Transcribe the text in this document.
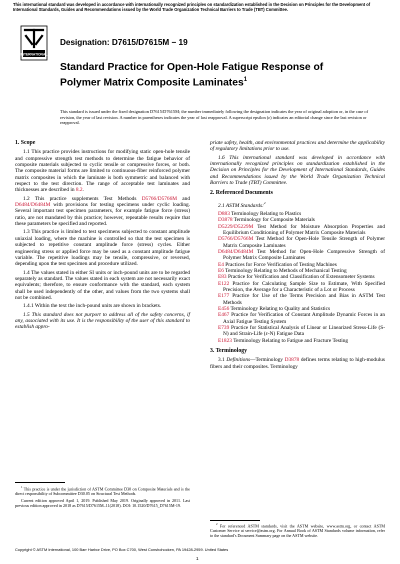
This international standard was developed in accordance with internationally recognized principles on standardization established in the Decision on Principles for the Development of International Standards, Guides and Recommendations issued by the World Trade Organization Technical Barriers to Trade (TBT) Committee.
INTERNATIONAL
Designation: D7615/D7615M − 19
Standard Practice for Open-Hole Fatigue Response of Polymer Matrix Composite Laminates$^1$
This standard is issued under the fixed designation D7615/D7615M; the number immediately following the designation indicates the year of original adoption or, in the case of revision, the year of last revision. A number in parentheses indicates the year of last reapproval. A superscript epsilon (ε) indicates an editorial change since the last revision or reapproval.
1. Scope

1.1 This practice provides instructions for modifying static open-hole tensile and compressive strength test methods to determine the fatigue behavior of composite materials subjected to cyclic tensile or compressive forces, or both. The composite material forms are limited to continuous-fiber reinforced polymer matrix composites in which the laminate is both symmetric and balanced with respect to the test direction. The range of acceptable test laminates and thicknesses are described in 8.2.

1.2 This practice supplements Test Methods D5766/D5766M and D6484/D6484M with provisions for testing specimens under cyclic loading. Several important test specimen parameters, for example fatigue force (stress) ratio, are not mandated by this practice; however, repeatable results require that these parameters be specified and reported.

1.3 This practice is limited to test specimens subjected to constant amplitude uniaxial loading, where the machine is controlled so that the test specimen is subjected to repetitive constant amplitude force (stress) cycles. Either engineering stress or applied force may be used as a constant amplitude fatigue variable. The repetitive loadings may be tensile, compressive, or reversed, depending upon the test specimen and procedure utilized.

1.4 The values stated in either SI units or inch-pound units are to be regarded separately as standard. The values stated in each system are not necessarily exact equivalents; therefore, to ensure conformance with the standard, each system shall be used independently of the other, and values from the two systems shall not be combined.

1.4.1 Within the text the inch-pound units are shown in brackets.

1.5 This standard does not purport to address all of the safety concerns, if any, associated with its use. It is the responsibility of the user of this standard to establish appro-

priate safety, health, and environmental practices and determine the applicability of regulatory limitations prior to use.

1.6 This international standard was developed in accordance with internationally recognized principles on standardization established in the Decision on Principles for the Development of International Standards, Guides and Recommendations issued by the World Trade Organization Technical Barriers to Trade (TBT) Committee.

2. Referenced Documents
2.1 ASTM Standards:$^2$
D883 Terminology Relating to Plastics
D3878 Terminology for Composite Materials
D5229/D5229M Test Method for Moisture Absorption Properties and Equilibrium Conditioning of Polymer Matrix Composite Materials
D5766/D5766M Test Method for Open-Hole Tensile Strength of Polymer Matrix Composite Laminates
D6484/D6484M Test Method for Open-Hole Compressive Strength of Polymer Matrix Composite Laminates
E4 Practices for Force Verification of Testing Machines
E6 Terminology Relating to Methods of Mechanical Testing
E83 Practice for Verification and Classification of Extensometer Systems
E122 Practice for Calculating Sample Size to Estimate, With Specified Precision, the Average for a Characteristic of a Lot or Process
E177 Practice for Use of the Terms Precision and Bias in ASTM Test Methods
E456 Terminology Relating to Quality and Statistics
E467 Practice for Verification of Constant Amplitude Dynamic Forces in an Axial Fatigue Testing System
E739 Practice for Statistical Analysis of Linear or Linearized Stress-Life (S-N) and Strain-Life (ε-N) Fatigue Data
E1823 Terminology Relating to Fatigue and Fracture Testing
3. Terminology

3.1 Definitions—Terminology D3878 defines terms relating to high-modulus fibers and their composites. Terminology

$^1$ This practice is under the jurisdiction of ASTM Committee D30 on Composite Materials and is the direct responsibility of Subcommittee D30.05 on Structural Test Methods.

Current edition approved April 1, 2019. Published May 2019. Originally approved in 2011. Last previous edition approved in 2018 as D7615/D7615M–11(2018). DOI: 10.1520/D7615_D7615M-19.

$^2$ For referenced ASTM standards, visit the ASTM website, www.astm.org, or contact ASTM Customer Service at service@astm.org. For Annual Book of ASTM Standards volume information, refer to the standard's Document Summary page on the ASTM website.

Copyright © ASTM International, 100 Barr Harbor Drive, PO Box C700, West Conshohocken, PA 19428-2959. United States
1
